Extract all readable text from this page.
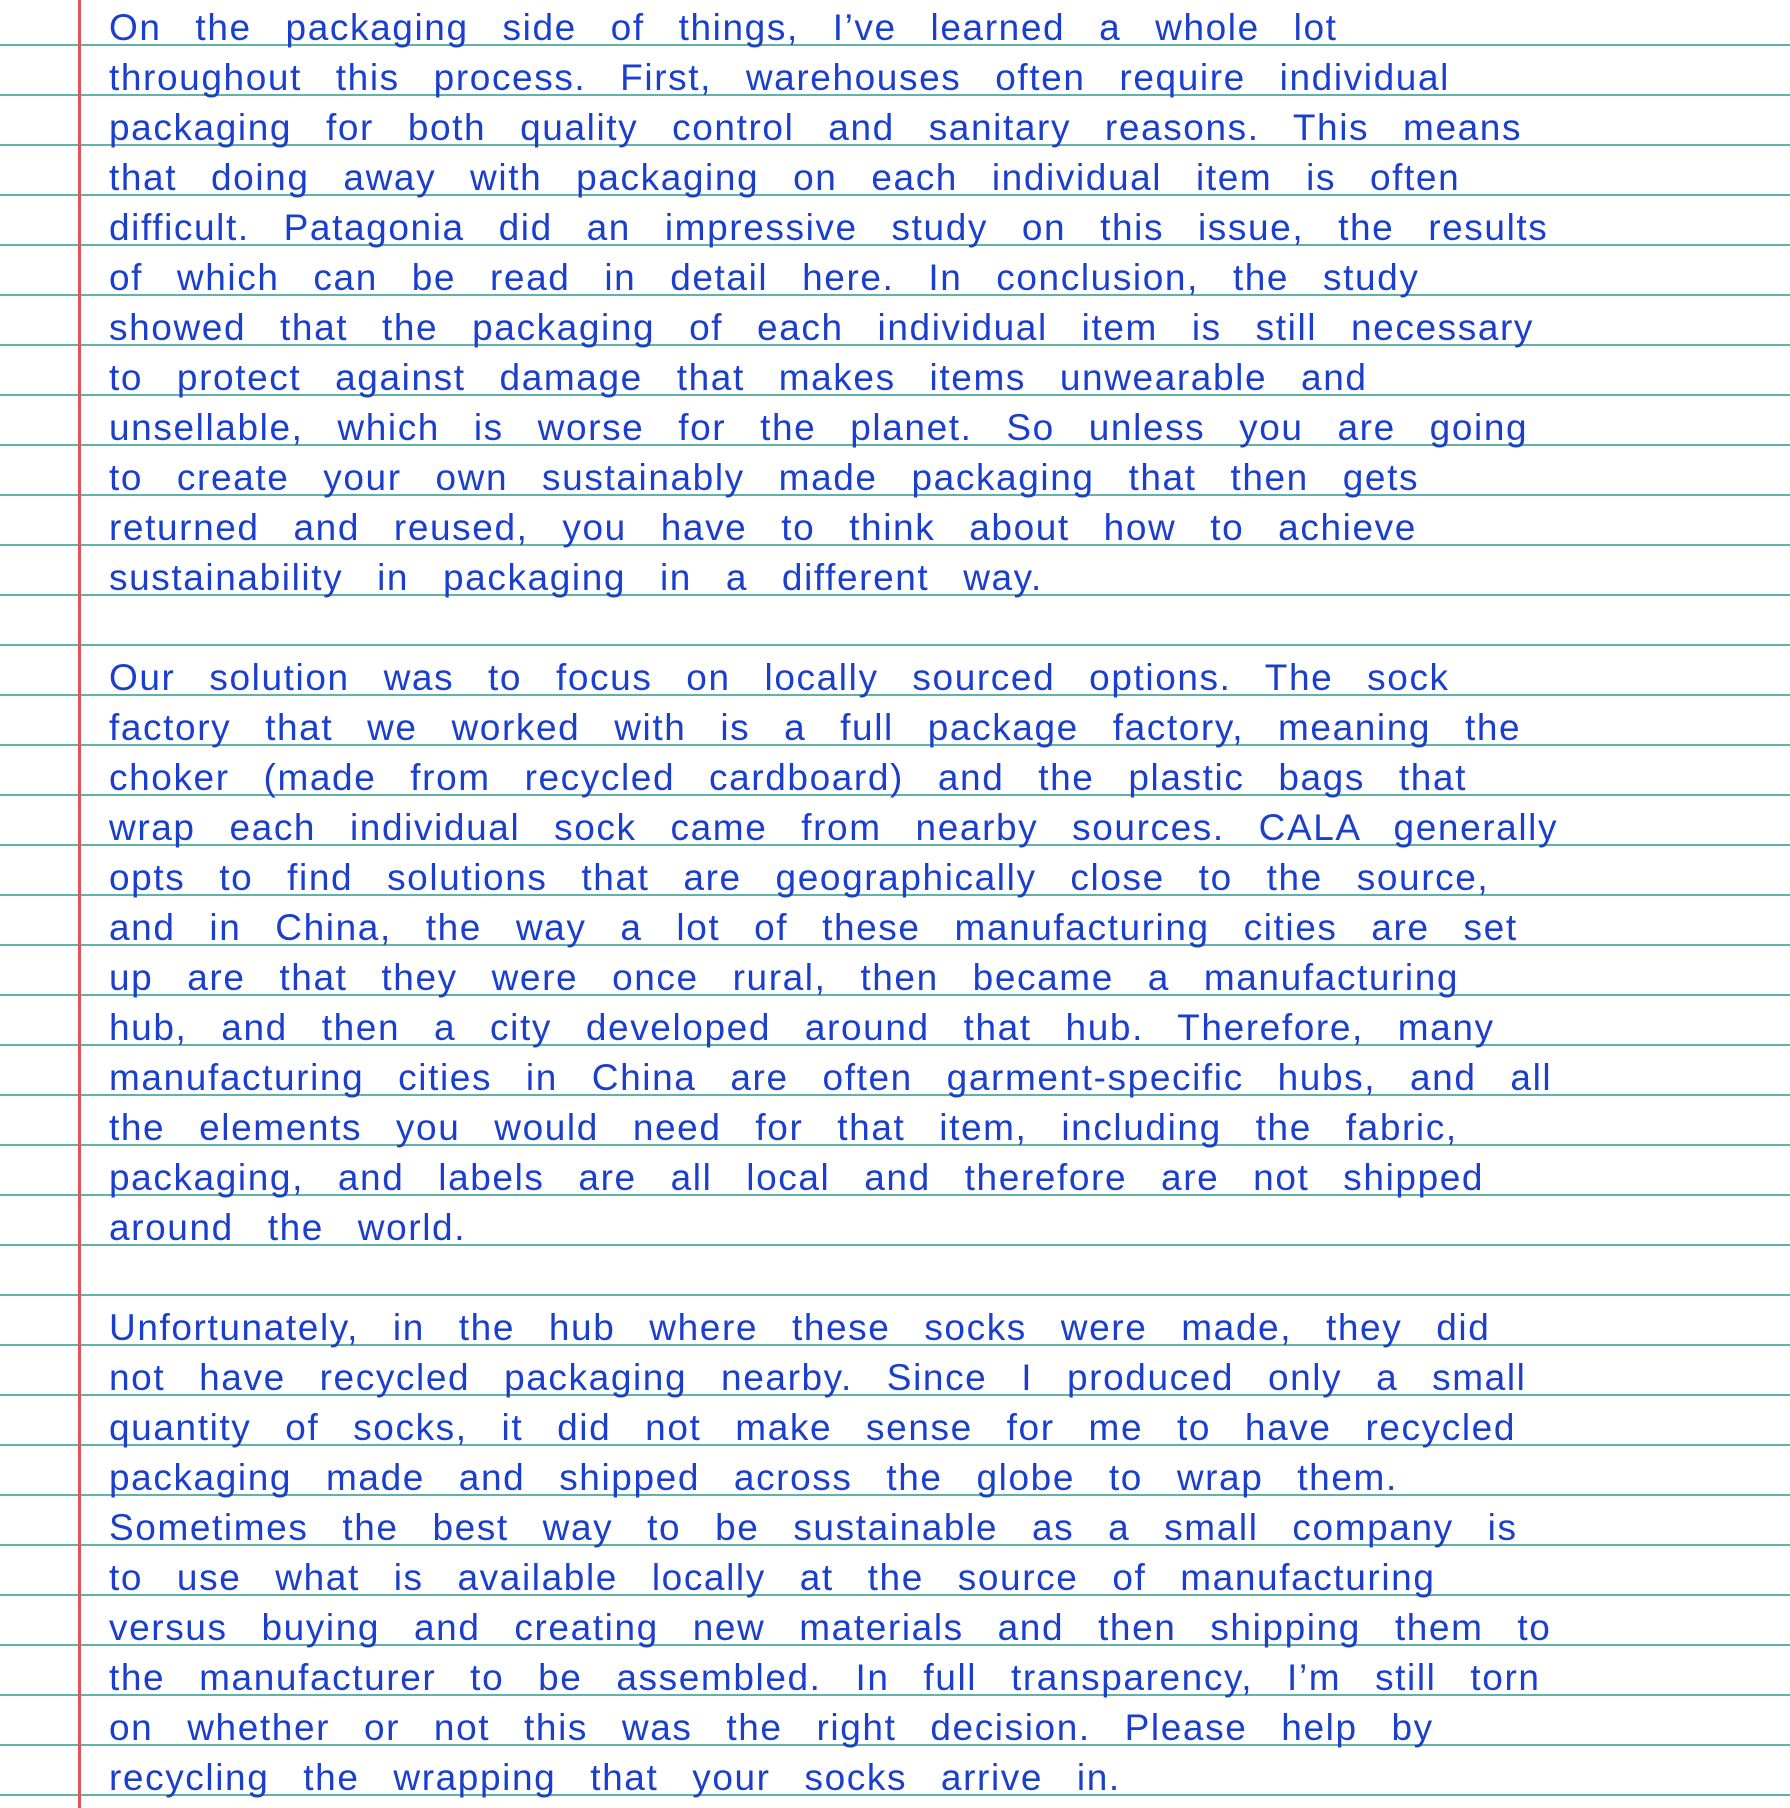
On the packaging side of things, I’ve learned a whole lot
throughout this process. First, warehouses often require individual
packaging for both quality control and sanitary reasons. This means
that doing away with packaging on each individual item is often
difficult. Patagonia did an impressive study on this issue, the results
of which can be read in detail here. In conclusion, the study
showed that the packaging of each individual item is still necessary
to protect against damage that makes items unwearable and
unsellable, which is worse for the planet. So unless you are going
to create your own sustainably made packaging that then gets
returned and reused, you have to think about how to achieve
sustainability in packaging in a different way.
Our solution was to focus on locally sourced options. The sock
factory that we worked with is a full package factory, meaning the
choker (made from recycled cardboard) and the plastic bags that
wrap each individual sock came from nearby sources. CALA generally
opts to find solutions that are geographically close to the source,
and in China, the way a lot of these manufacturing cities are set
up are that they were once rural, then became a manufacturing
hub, and then a city developed around that hub. Therefore, many
manufacturing cities in China are often garment-specific hubs, and all
the elements you would need for that item, including the fabric,
packaging, and labels are all local and therefore are not shipped
around the world.
Unfortunately, in the hub where these socks were made, they did
not have recycled packaging nearby. Since I produced only a small
quantity of socks, it did not make sense for me to have recycled
packaging made and shipped across the globe to wrap them.
Sometimes the best way to be sustainable as a small company is
to use what is available locally at the source of manufacturing
versus buying and creating new materials and then shipping them to
the manufacturer to be assembled. In full transparency, I’m still torn
on whether or not this was the right decision. Please help by
recycling the wrapping that your socks arrive in.
